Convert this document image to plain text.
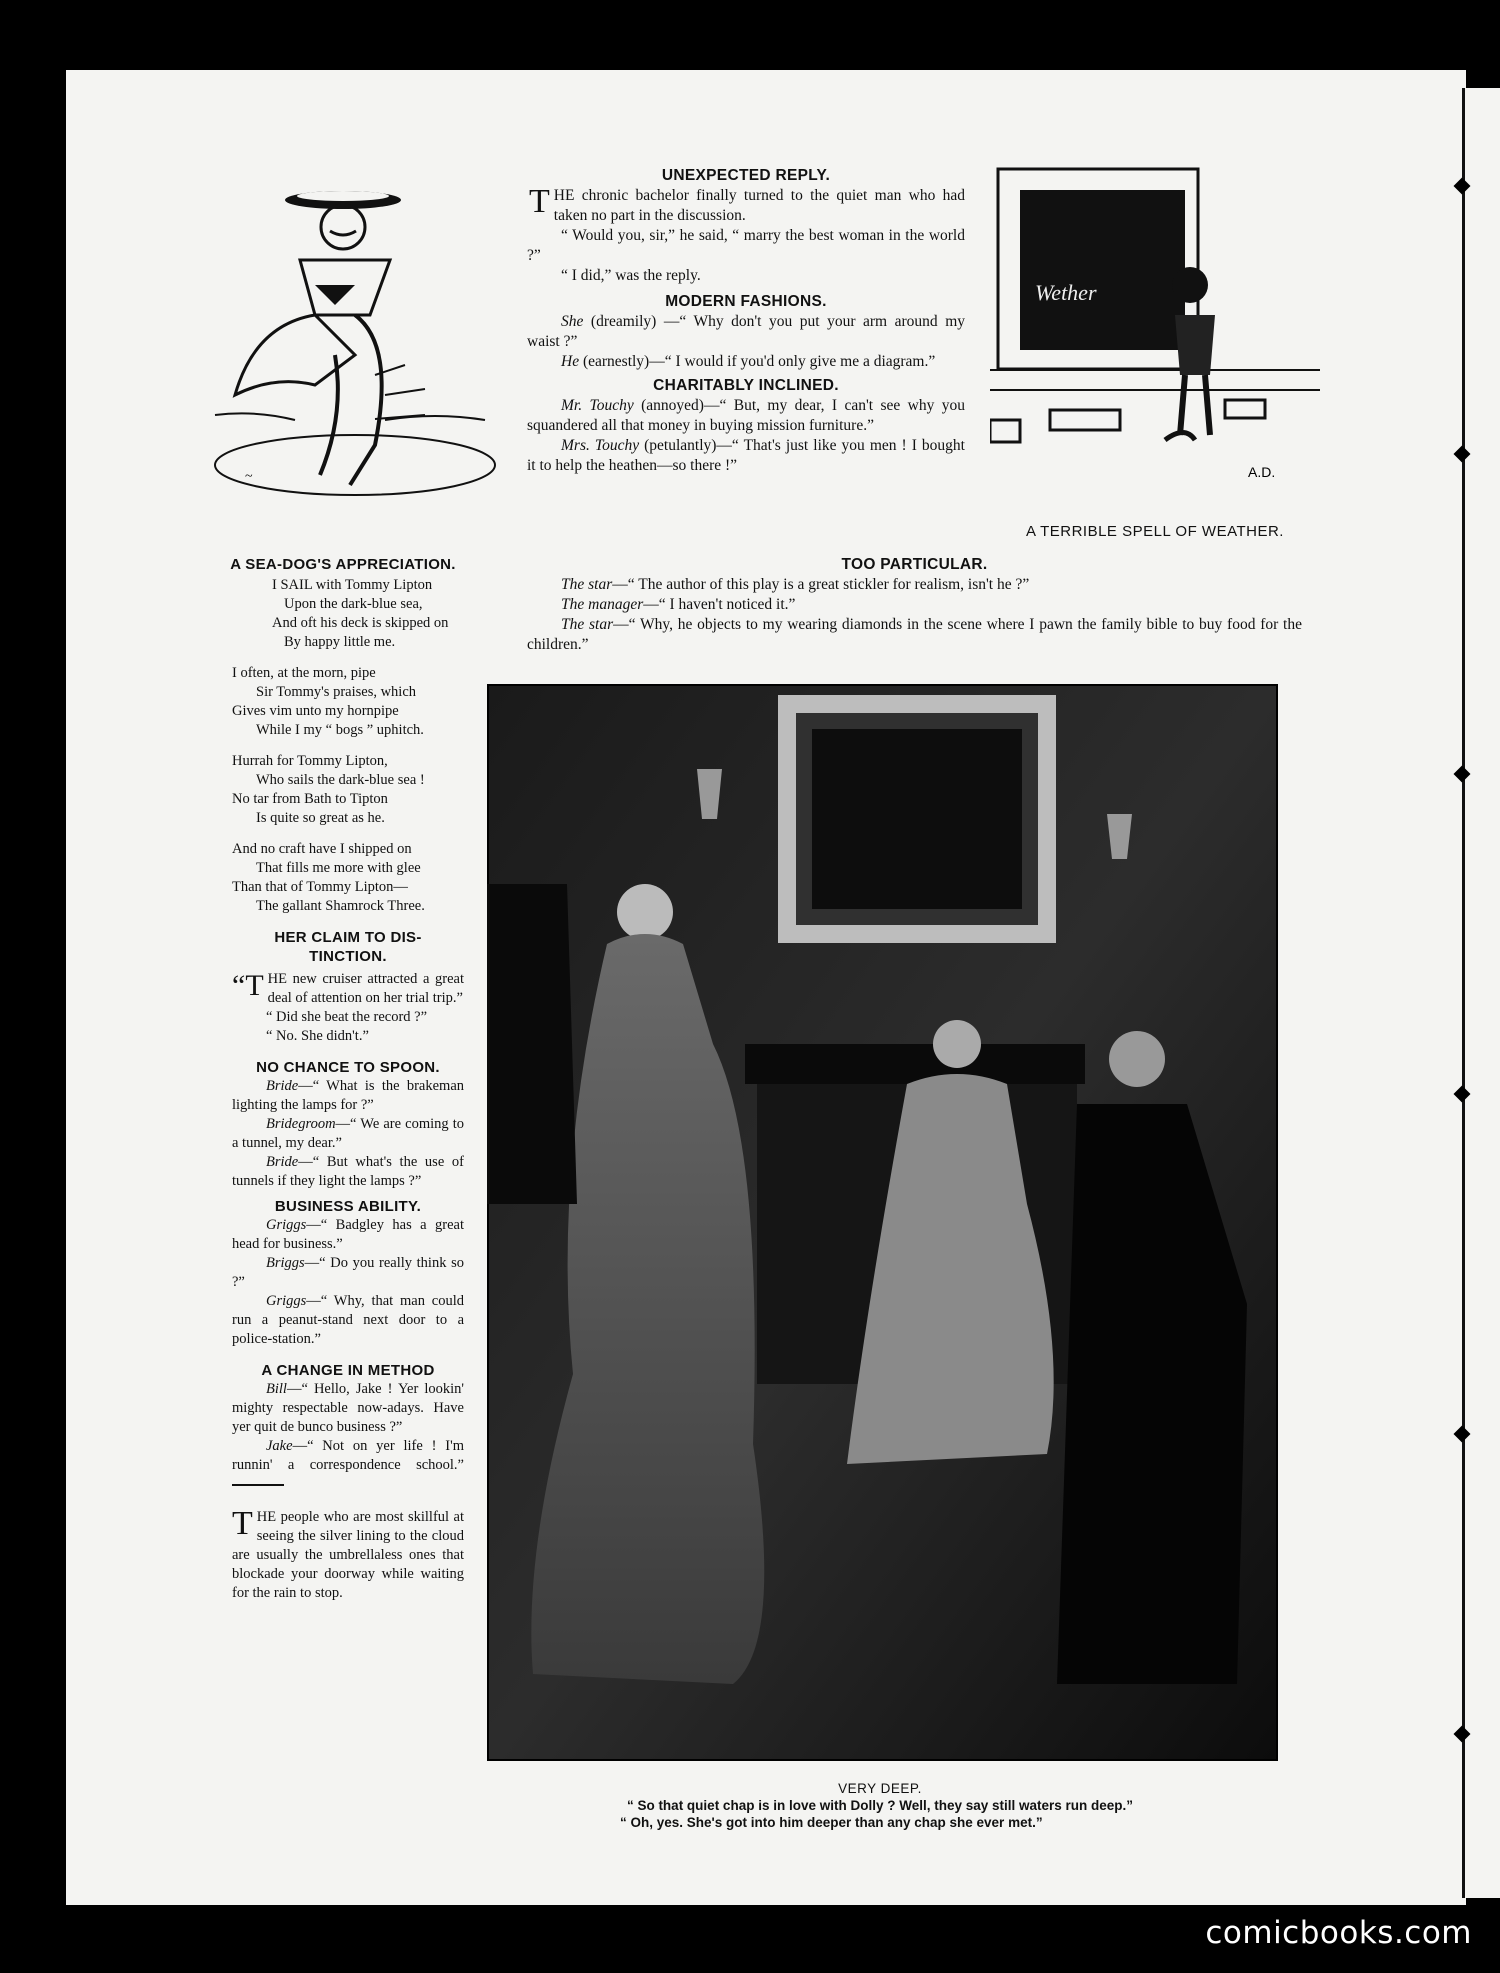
~
Wether
A.D.
UNEXPECTED REPLY.

THE chronic bachelor finally turned to the quiet man who had taken no part in the discussion.

“ Would you, sir,” he said, “ marry the best woman in the world ?”

“ I did,” was the reply.

MODERN FASHIONS.

She (dreamily) —“ Why don't you put your arm around my waist ?”

He (earnestly)—“ I would if you'd only give me a diagram.”

CHARITABLY INCLINED.

Mr. Touchy (annoyed)—“ But, my dear, I can't see why you squandered all that money in buying mission furniture.”

Mrs. Touchy (petulantly)—“ That's just like you men ! I bought it to help the heathen—so there !”

A TERRIBLE SPELL OF WEATHER.
TOO PARTICULAR.

The star—“ The author of this play is a great stickler for realism, isn't he ?”

The manager—“ I haven't noticed it.”

The star—“ Why, he objects to my wearing diamonds in the scene where I pawn the family bible to buy food for the children.”

A SEA-DOG'S APPRECIATION.
I SAIL with Tommy Lipton
Upon the dark-blue sea,
And oft his deck is skipped on
By happy little me.
I often, at the morn, pipe
Sir Tommy's praises, which
Gives vim unto my hornpipe
While I my “ bogs ” uphitch.
Hurrah for Tommy Lipton,
Who sails the dark-blue sea !
No tar from Bath to Tipton
Is quite so great as he.
And no craft have I shipped on
That fills me more with glee
Than that of Tommy Lipton—
The gallant Shamrock Three.
HER CLAIM TO DIS-TINCTION.

“THE new cruiser attracted a great deal of attention on her trial trip.”

“ Did she beat the record ?”

“ No. She didn't.”

NO CHANCE TO SPOON.

Bride—“ What is the brakeman lighting the lamps for ?”

Bridegroom—“ We are coming to a tunnel, my dear.”

Bride—“ But what's the use of tunnels if they light the lamps ?”

BUSINESS ABILITY.

Griggs—“ Badgley has a great head for business.”

Briggs—“ Do you really think so ?”

Griggs—“ Why, that man could run a peanut-stand next door to a police-station.”

A CHANGE IN METHOD

Bill—“ Hello, Jake ! Yer lookin' mighty respectable now-adays. Have yer quit de bunco business ?”

Jake—“ Not on yer life ! I'm runnin' a correspondence school.”

THE people who are most skillful at seeing the silver lining to the cloud are usually the umbrellaless ones that blockade your doorway while waiting for the rain to stop.

VERY DEEP.
“ So that quiet chap is in love with Dolly ? Well, they say still waters run deep.”
“ Oh, yes. She's got into him deeper than any chap she ever met.”
comicbooks.com
